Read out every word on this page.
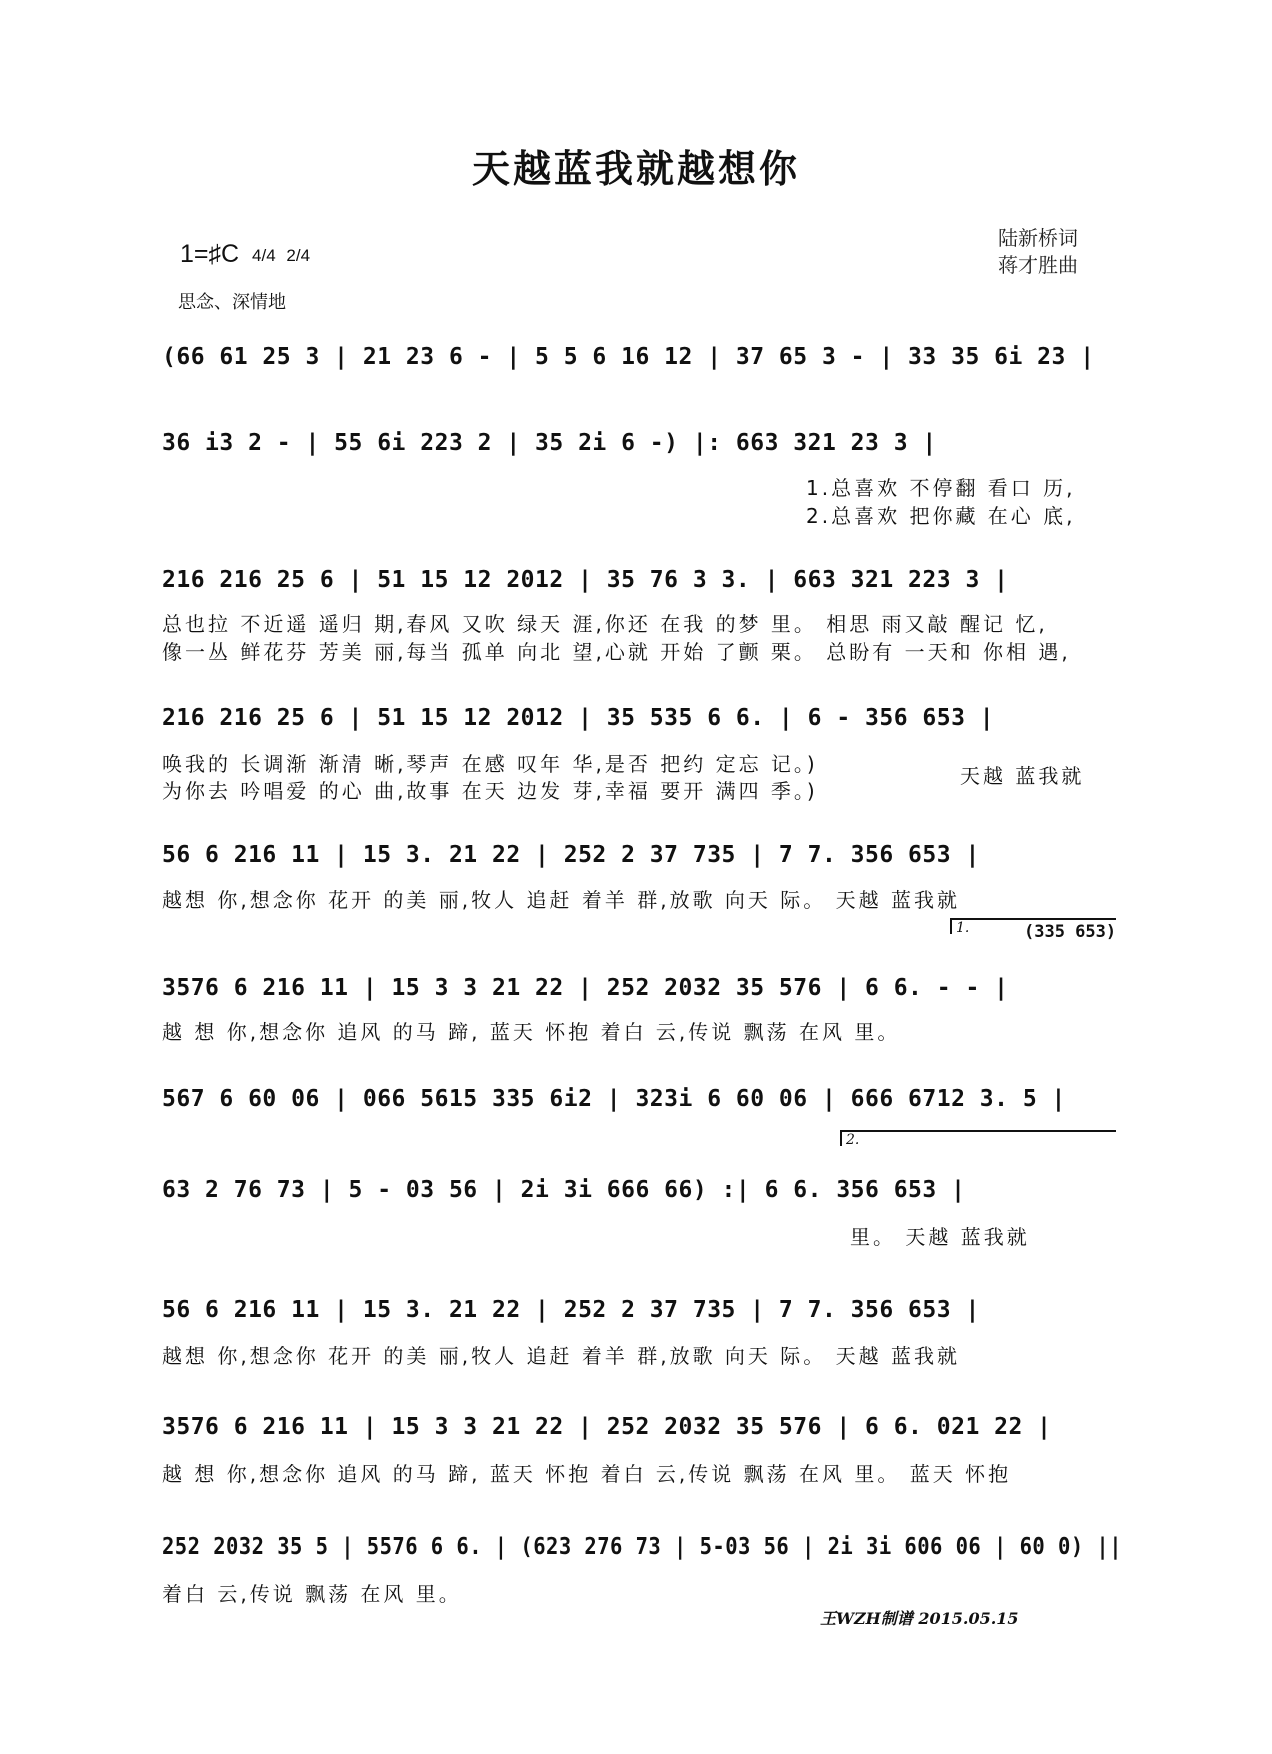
天越蓝我就越想你
1=♯C 4/4 2/4
思念、深情地
陆新桥词
蒋才胜曲
(66 61 25 3 | 21 23 6 - | 5 5 6 16 12 | 37 65 3 - | 33 35 6i 23 |
36 i3 2 - | 55 6i 223 2 | 35 2i 6 -) |: 663 321 23 3 |
1.总喜欢 不停翻 看口 历,
2.总喜欢 把你藏 在心 底,
216 216 25 6 | 51 15 12 2012 | 35 76 3 3. | 663 321 223 3 |
总也拉 不近遥 遥归 期,春风 又吹 绿天 涯,你还 在我 的梦 里。 相思 雨又敲 醒记 忆,
像一丛 鲜花芬 芳美 丽,每当 孤单 向北 望,心就 开始 了颤 栗。 总盼有 一天和 你相 遇,
216 216 25 6 | 51 15 12 2012 | 35 535 6 6. | 6 - 356 653 |
唤我的 长调渐 渐清 晰,琴声 在感 叹年 华,是否 把约 定忘 记。)
为你去 吟唱爱 的心 曲,故事 在天 边发 芽,幸福 要开 满四 季。)
天越 蓝我就
56 6 216 11 | 15 3. 21 22 | 252 2 37 735 | 7 7. 356 653 |
越想 你,想念你 花开 的美 丽,牧人 追赶 着羊 群,放歌 向天 际。 天越 蓝我就
1.	(335 653)
3576 6 216 11 | 15 3 3 21 22 | 252 2032 35 576 | 6 6. - - |
越 想 你,想念你 追风 的马 蹄, 蓝天 怀抱 着白 云,传说 飘荡 在风 里。
567 6 60 06 | 066 5615 335 6i2 | 323i 6 60 06 | 666 6712 3. 5 |
2.
63 2 76 73 | 5 - 03 56 | 2i 3i 666 66) :| 6 6. 356 653 |
里。 天越 蓝我就
56 6 216 11 | 15 3. 21 22 | 252 2 37 735 | 7 7. 356 653 |
越想 你,想念你 花开 的美 丽,牧人 追赶 着羊 群,放歌 向天 际。 天越 蓝我就
3576 6 216 11 | 15 3 3 21 22 | 252 2032 35 576 | 6 6. 021 22 |
越 想 你,想念你 追风 的马 蹄, 蓝天 怀抱 着白 云,传说 飘荡 在风 里。 蓝天 怀抱
252 2032 35 5 | 5576 6 6. | (623 276 73 | 5-03 56 | 2i 3i 606 06 | 60 0) ||
着白 云,传说 飘荡 在风 里。
王WZH制谱 2015.05.15
